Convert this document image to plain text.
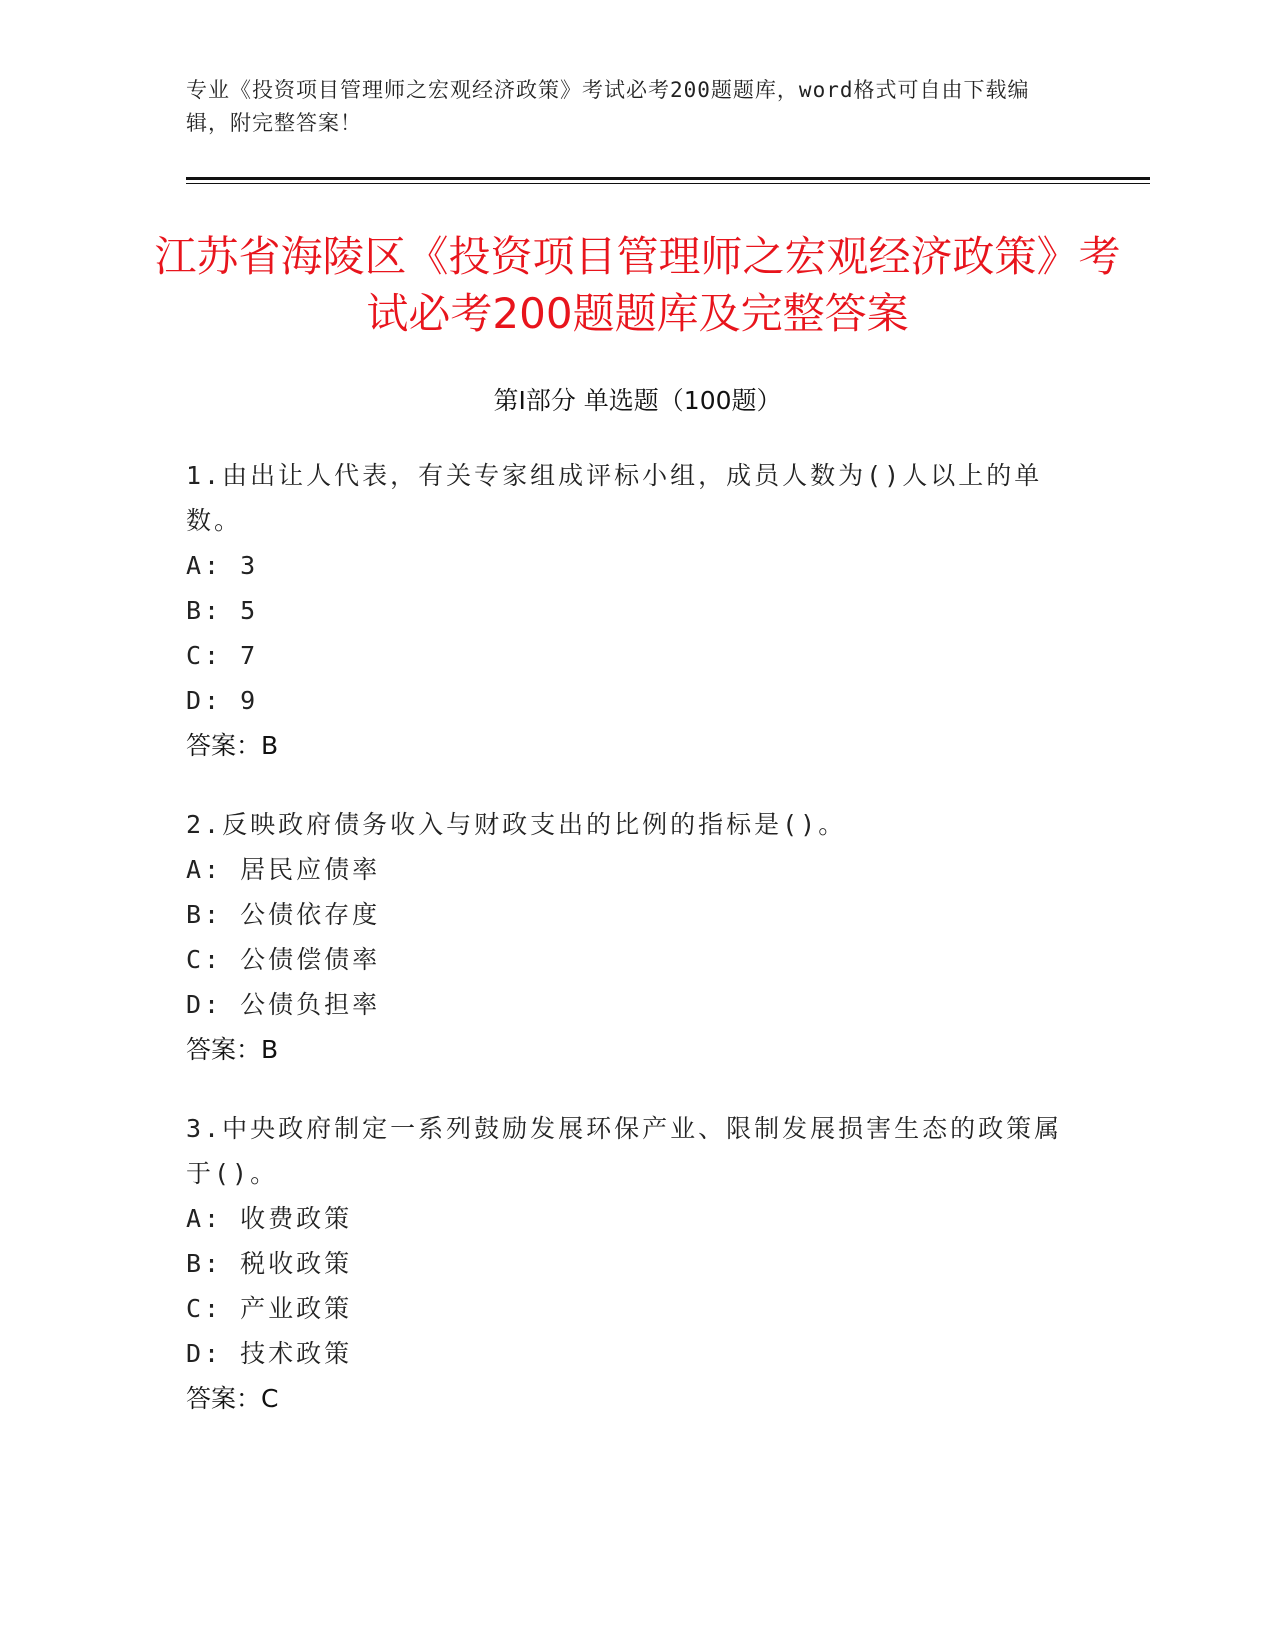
专业《投资项目管理师之宏观经济政策》考试必考200题题库，word格式可自由下载编辑，附完整答案！
江苏省海陵区《投资项目管理师之宏观经济政策》考试必考200题题库及完整答案
第I部分 单选题（100题）
1.由出让人代表，有关专家组成评标小组，成员人数为()人以上的单数。
A: 3
B: 5
C: 7
D: 9
答案：B
2.反映政府债务收入与财政支出的比例的指标是()。
A: 居民应债率
B: 公债依存度
C: 公债偿债率
D: 公债负担率
答案：B
3.中央政府制定一系列鼓励发展环保产业、限制发展损害生态的政策属于()。
A: 收费政策
B: 税收政策
C: 产业政策
D: 技术政策
答案：C
